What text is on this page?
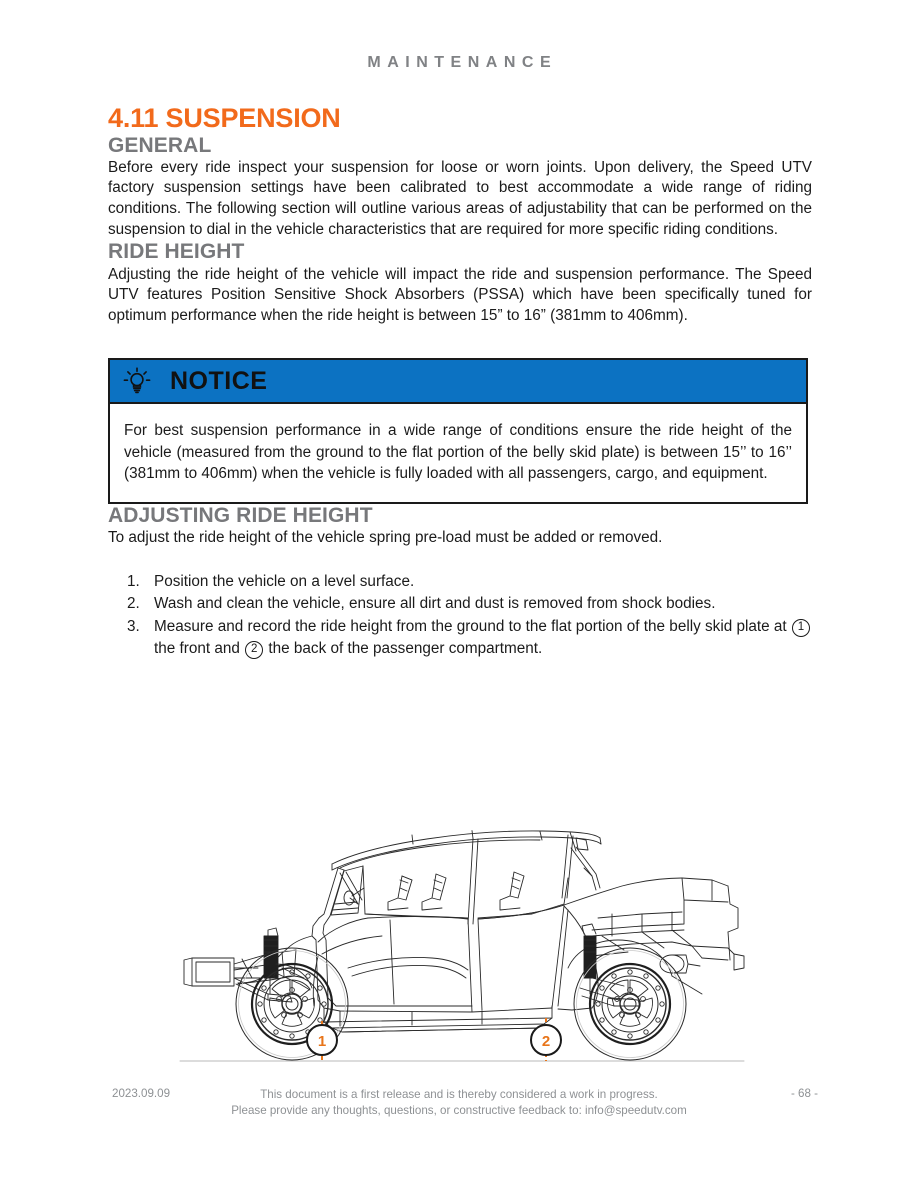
MAINTENANCE
4.11 SUSPENSION
GENERAL

Before every ride inspect your suspension for loose or worn joints. Upon delivery, the Speed UTV factory suspension settings have been calibrated to best accommodate a wide range of riding conditions. The following section will outline various areas of adjustability that can be performed on the suspension to dial in the vehicle characteristics that are required for more specific riding conditions.

RIDE HEIGHT

Adjusting the ride height of the vehicle will impact the ride and suspension performance. The Speed UTV features Position Sensitive Shock Absorbers (PSSA) which have been specifically tuned for optimum performance when the ride height is between 15” to 16” (381mm to 406mm).

NOTICE

For best suspension performance in a wide range of conditions ensure the ride height of the vehicle (measured from the ground to the flat portion of the belly skid plate) is between 15’’ to 16’’ (381mm to 406mm) when the vehicle is fully loaded with all passengers, cargo, and equipment.

ADJUSTING RIDE HEIGHT

To adjust the ride height of the vehicle spring pre-load must be added or removed.

1. Position the vehicle on a level surface.
2. Wash and clean the vehicle, ensure all dirt and dust is removed from shock bodies.
3. Measure and record the ride height from the ground to the flat portion of the belly skid plate at 1 the front and 2 the back of the passenger compartment.
1	2
2023.09.09	This document is a first release and is thereby considered a work in progress.
Please provide any thoughts, questions, or constructive feedback to: info@speedutv.com
- 68 -
